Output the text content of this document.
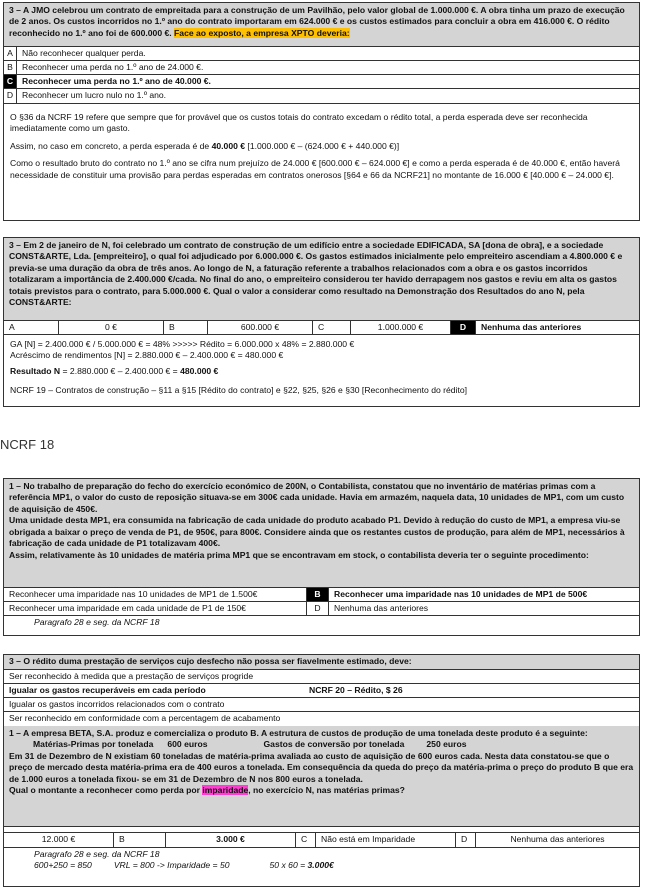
3 – A JMO celebrou um contrato de empreitada para a construção de um Pavilhão, pelo valor global de 1.000.000 €. A obra tinha um prazo de execução de 2 anos. Os custos incorridos no 1.º ano do contrato importaram em 624.000 € e os custos estimados para concluir a obra em 416.000 €. O rédito reconhecido no 1.º ano foi de 600.000 €. Face ao exposto, a empresa XPTO deveria:
A	Não reconhecer qualquer perda.
B	Reconhecer uma perda no 1.º ano de 24.000 €.
C	Reconhecer uma perda no 1.º ano de 40.000 €.
D	Reconhecer um lucro nulo no 1.º ano.

O §36 da NCRF 19 refere que sempre que for provável que os custos totais do contrato excedam o rédito total, a perda esperada deve ser reconhecida imediatamente como um gasto.

Assim, no caso em concreto, a perda esperada é de 40.000 € [1.000.000 € – (624.000 € + 440.000 €)]

Como o resultado bruto do contrato no 1.º ano se cifra num prejuízo de 24.000 € [600.000 € – 624.000 €] e como a perda esperada é de 40.000 €, então haverá necessidade de constituir uma provisão para perdas esperadas em contratos onerosos [§64 e 66 da NCRF21] no montante de 16.000 € [40.000 € – 24.000 €].

3 – Em 2 de janeiro de N, foi celebrado um contrato de construção de um edifício entre a sociedade EDIFICADA, SA [dona de obra], e a sociedade CONST&ARTE, Lda. [empreiteiro], o qual foi adjudicado por 6.000.000 €. Os gastos estimados inicialmente pelo empreiteiro ascendiam a 4.800.000 € e previa-se uma duração da obra de três anos. Ao longo de N, a faturação referente a trabalhos relacionados com a obra e os gastos incorridos totalizaram a importância de 2.400.000 €/cada. No final do ano, o empreiteiro considerou ter havido derrapagem nos gastos e reviu em alta os gastos totais previstos para o contrato, para 5.000.000 €. Qual o valor a considerar como resultado na Demonstração dos Resultados do ano N, pela CONST&ARTE:
A	0 €	B	600.000 €	C	1.000.000 €	D	Nenhuma das anteriores
GA [N] = 2.400.000 € / 5.000.000 € = 48% >>>>> Rédito = 6.000.000 x 48% = 2.880.000 €
Acréscimo de rendimentos [N] = 2.880.000 € – 2.400.000 € = 480.000 €
Resultado N = 2.880.000 € – 2.400.000 € = 480.000 €
NCRF 19 – Contratos de construção – §11 a §15 [Rédito do contrato] e §22, §25, §26 e §30 [Reconhecimento do rédito]
NCRF 18
1 – No trabalho de preparação do fecho do exercício económico de 200N, o Contabilista, constatou que no inventário de matérias primas com a referência MP1, o valor do custo de reposição situava-se em 300€ cada unidade. Havia em armazém, naquela data, 10 unidades de MP1, com um custo de aquisição de 450€.
Uma unidade desta MP1, era consumida na fabricação de cada unidade do produto acabado P1. Devido à redução do custo de MP1, a empresa viu-se obrigada a baixar o preço de venda de P1, de 950€, para 800€. Considere ainda que os restantes custos de produção, para além de MP1, necessários à fabricação de cada unidade de P1 totalizavam 400€.
Assim, relativamente às 10 unidades de matéria prima MP1 que se encontravam em stock, o contabilista deveria ter o seguinte procedimento:
Reconhecer uma imparidade nas 10 unidades de MP1 de 1.500€	B	Reconhecer uma imparidade nas 10 unidades de MP1 de 500€
Reconhecer uma imparidade em cada unidade de P1 de 150€	D	Nenhuma das anteriores
Paragrafo 28 e seg. da NCRF 18
3 – O rédito duma prestação de serviços cujo desfecho não possa ser fiavelmente estimado, deve:
Ser reconhecido à medida que a prestação de serviços progride
Igualar os gastos recuperáveis em cada período	NCRF 20 – Rédito, $ 26
Igualar os gastos incorridos relacionados com o contrato
Ser reconhecido em conformidade com a percentagem de acabamento
1 – A empresa BETA, S.A. produz e comercializa o produto B. A estrutura de custos de produção de uma tonelada deste produto é a seguinte:
Matérias-Primas por tonelada 600 euros	Gastos de conversão por tonelada	250 euros
Em 31 de Dezembro de N existiam 60 toneladas de matéria-prima avaliada ao custo de aquisição de 600 euros cada. Nesta data constatou-se que o preço de mercado desta matéria-prima era de 400 euros a tonelada. Em consequência da queda do preço da matéria-prima o preço do produto B que era de 1.000 euros a tonelada fixou- se em 31 de Dezembro de N nos 800 euros a tonelada.
Qual o montante a reconhecer como perda por imparidade, no exercício N, nas matérias primas?
12.000 €	B	3.000 €	C	Não está em Imparidade	D	Nenhuma das anteriores
Paragrafo 28 e seg. da NCRF 18
600+250 = 850	VRL = 800 -> Imparidade = 50	50 x 60 = 3.000€
